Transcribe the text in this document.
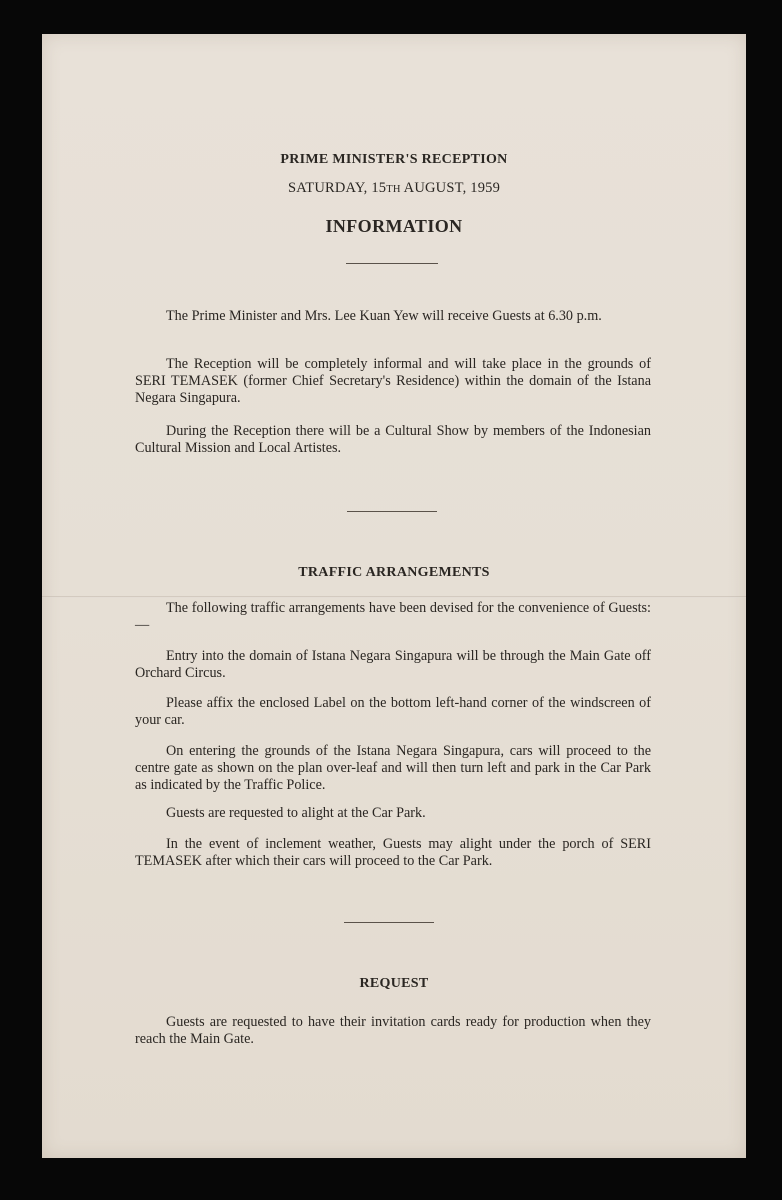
PRIME MINISTER'S RECEPTION
SATURDAY, 15TH AUGUST, 1959
INFORMATION

The Prime Minister and Mrs. Lee Kuan Yew will receive Guests at 6.30 p.m.

The Reception will be completely informal and will take place in the grounds of SERI TEMASEK (former Chief Secretary's Residence) within the domain of the Istana Negara Singapura.

During the Reception there will be a Cultural Show by members of the Indonesian Cultural Mission and Local Artistes.

TRAFFIC ARRANGEMENTS

The following traffic arrangements have been devised for the convenience of Guests:—

Entry into the domain of Istana Negara Singapura will be through the Main Gate off Orchard Circus.

Please affix the enclosed Label on the bottom left-hand corner of the windscreen of your car.

On entering the grounds of the Istana Negara Singapura, cars will proceed to the centre gate as shown on the plan over-leaf and will then turn left and park in the Car Park as indicated by the Traffic Police.

Guests are requested to alight at the Car Park.

In the event of inclement weather, Guests may alight under the porch of SERI TEMASEK after which their cars will proceed to the Car Park.

REQUEST

Guests are requested to have their invitation cards ready for production when they reach the Main Gate.
